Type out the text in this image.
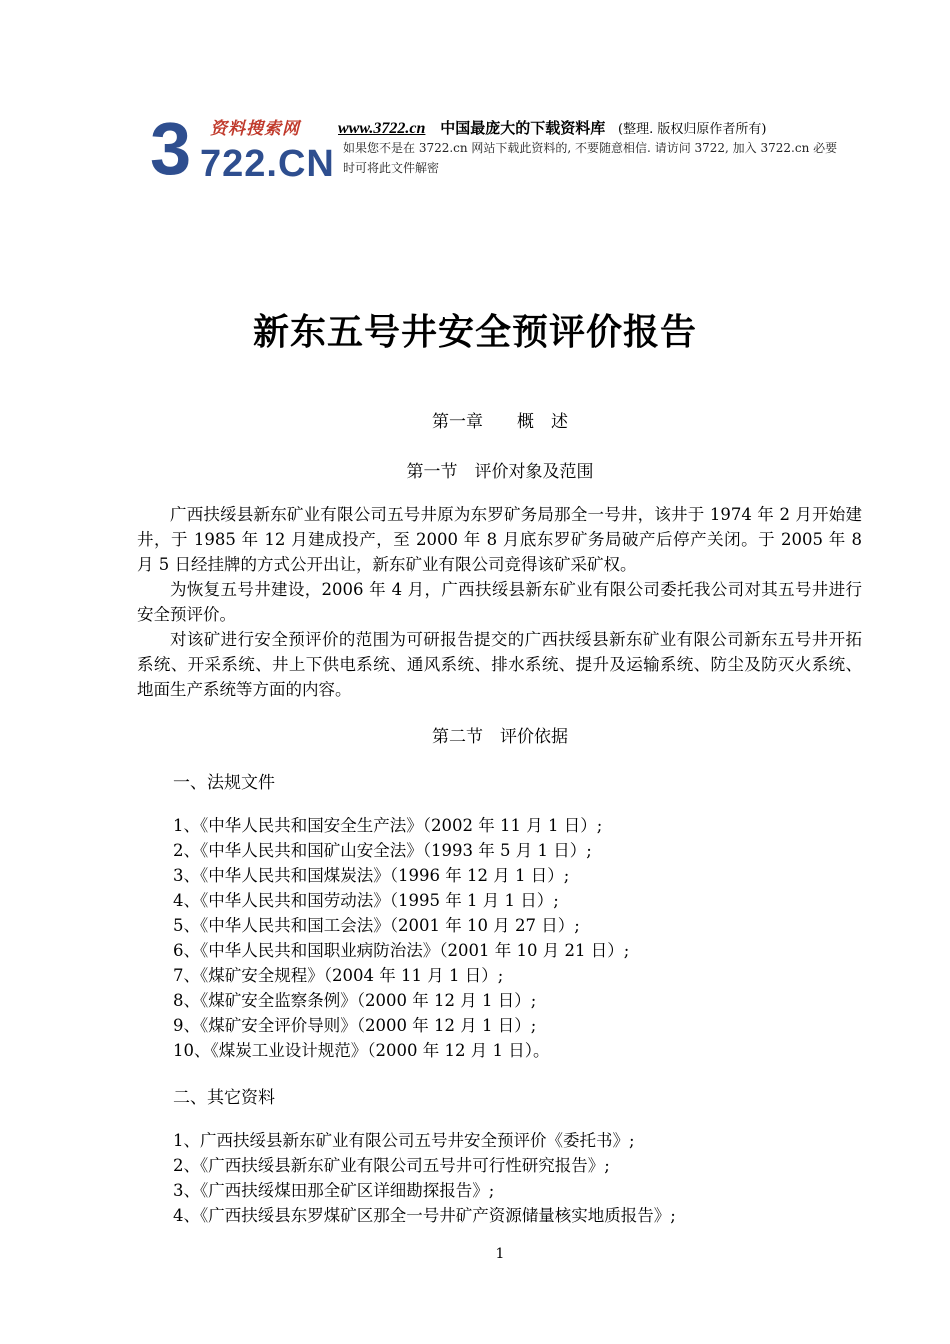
3 资料搜索网
722.CN
www.3722.cn 中国最庞大的下载资料库 (整理. 版权归原作者所有)
如果您不是在 3722.cn 网站下载此资料的, 不要随意相信. 请访问 3722, 加入 3722.cn 必要时可将此文件解密
新东五号井安全预评价报告
第一章　　概　述
第一节　评价对象及范围

广西扶绥县新东矿业有限公司五号井原为东罗矿务局那全一号井，该井于 1974 年 2 月开始建井，于 1985 年 12 月建成投产，至 2000 年 8 月底东罗矿务局破产后停产关闭。于 2005 年 8 月 5 日经挂牌的方式公开出让，新东矿业有限公司竞得该矿采矿权。

为恢复五号井建设，2006 年 4 月，广西扶绥县新东矿业有限公司委托我公司对其五号井进行安全预评价。

对该矿进行安全预评价的范围为可研报告提交的广西扶绥县新东矿业有限公司新东五号井开拓系统、开采系统、井上下供电系统、通风系统、排水系统、提升及运输系统、防尘及防灭火系统、地面生产系统等方面的内容。

第二节　评价依据
一、法规文件
1、《中华人民共和国安全生产法》（2002 年 11 月 1 日）;
2、《中华人民共和国矿山安全法》（1993 年 5 月 1 日）;
3、《中华人民共和国煤炭法》（1996 年 12 月 1 日）;
4、《中华人民共和国劳动法》（1995 年 1 月 1 日）;
5、《中华人民共和国工会法》（2001 年 10 月 27 日）;
6、《中华人民共和国职业病防治法》（2001 年 10 月 21 日）;
7、《煤矿安全规程》（2004 年 11 月 1 日）;
8、《煤矿安全监察条例》（2000 年 12 月 1 日）;
9、《煤矿安全评价导则》（2000 年 12 月 1 日）;
10、《煤炭工业设计规范》（2000 年 12 月 1 日）。
二、其它资料
1、广西扶绥县新东矿业有限公司五号井安全预评价《委托书》;
2、《广西扶绥县新东矿业有限公司五号井可行性研究报告》;
3、《广西扶绥煤田那全矿区详细勘探报告》;
4、《广西扶绥县东罗煤矿区那全一号井矿产资源储量核实地质报告》;
1
